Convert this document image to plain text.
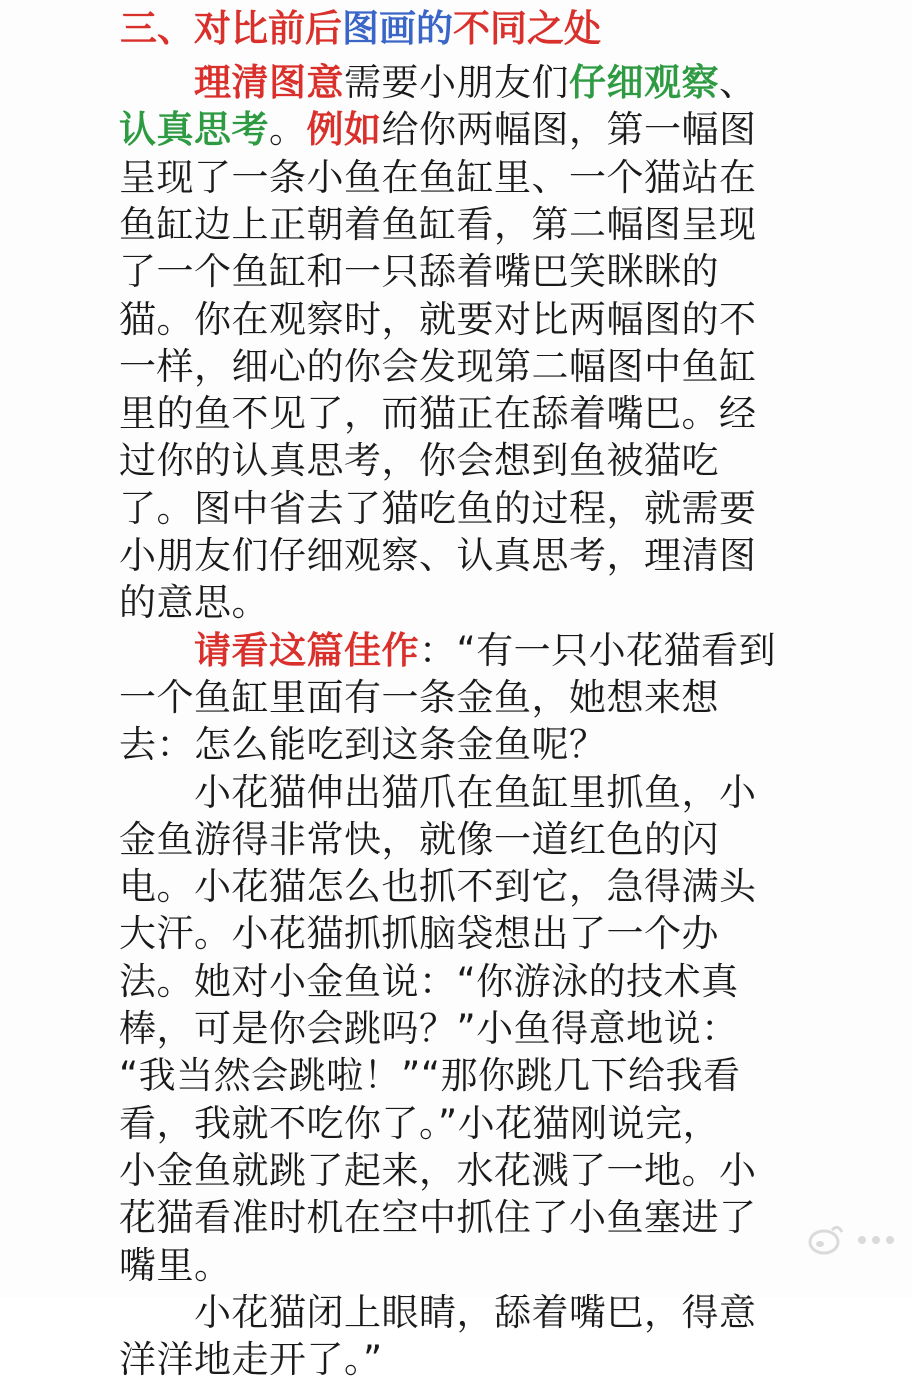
三、对比前后图画的不同之处
　　理清图意需要小朋友们仔细观察、
认真思考。例如给你两幅图，第一幅图
呈现了一条小鱼在鱼缸里、一个猫站在
鱼缸边上正朝着鱼缸看，第二幅图呈现
了一个鱼缸和一只舔着嘴巴笑眯眯的
猫。你在观察时，就要对比两幅图的不
一样，细心的你会发现第二幅图中鱼缸
里的鱼不见了，而猫正在舔着嘴巴。经
过你的认真思考，你会想到鱼被猫吃
了。图中省去了猫吃鱼的过程，就需要
小朋友们仔细观察、认真思考，理清图
的意思。
　　请看这篇佳作：“有一只小花猫看到
一个鱼缸里面有一条金鱼，她想来想
去：怎么能吃到这条金鱼呢？
　　小花猫伸出猫爪在鱼缸里抓鱼，小
金鱼游得非常快，就像一道红色的闪
电。小花猫怎么也抓不到它，急得满头
大汗。小花猫抓抓脑袋想出了一个办
法。她对小金鱼说：“你游泳的技术真
棒，可是你会跳吗？”小鱼得意地说：
“我当然会跳啦！”“那你跳几下给我看
看，我就不吃你了。”小花猫刚说完，
小金鱼就跳了起来，水花溅了一地。小
花猫看准时机在空中抓住了小鱼塞进了
嘴里。
　　小花猫闭上眼睛，舔着嘴巴，得意
洋洋地走开了。”
